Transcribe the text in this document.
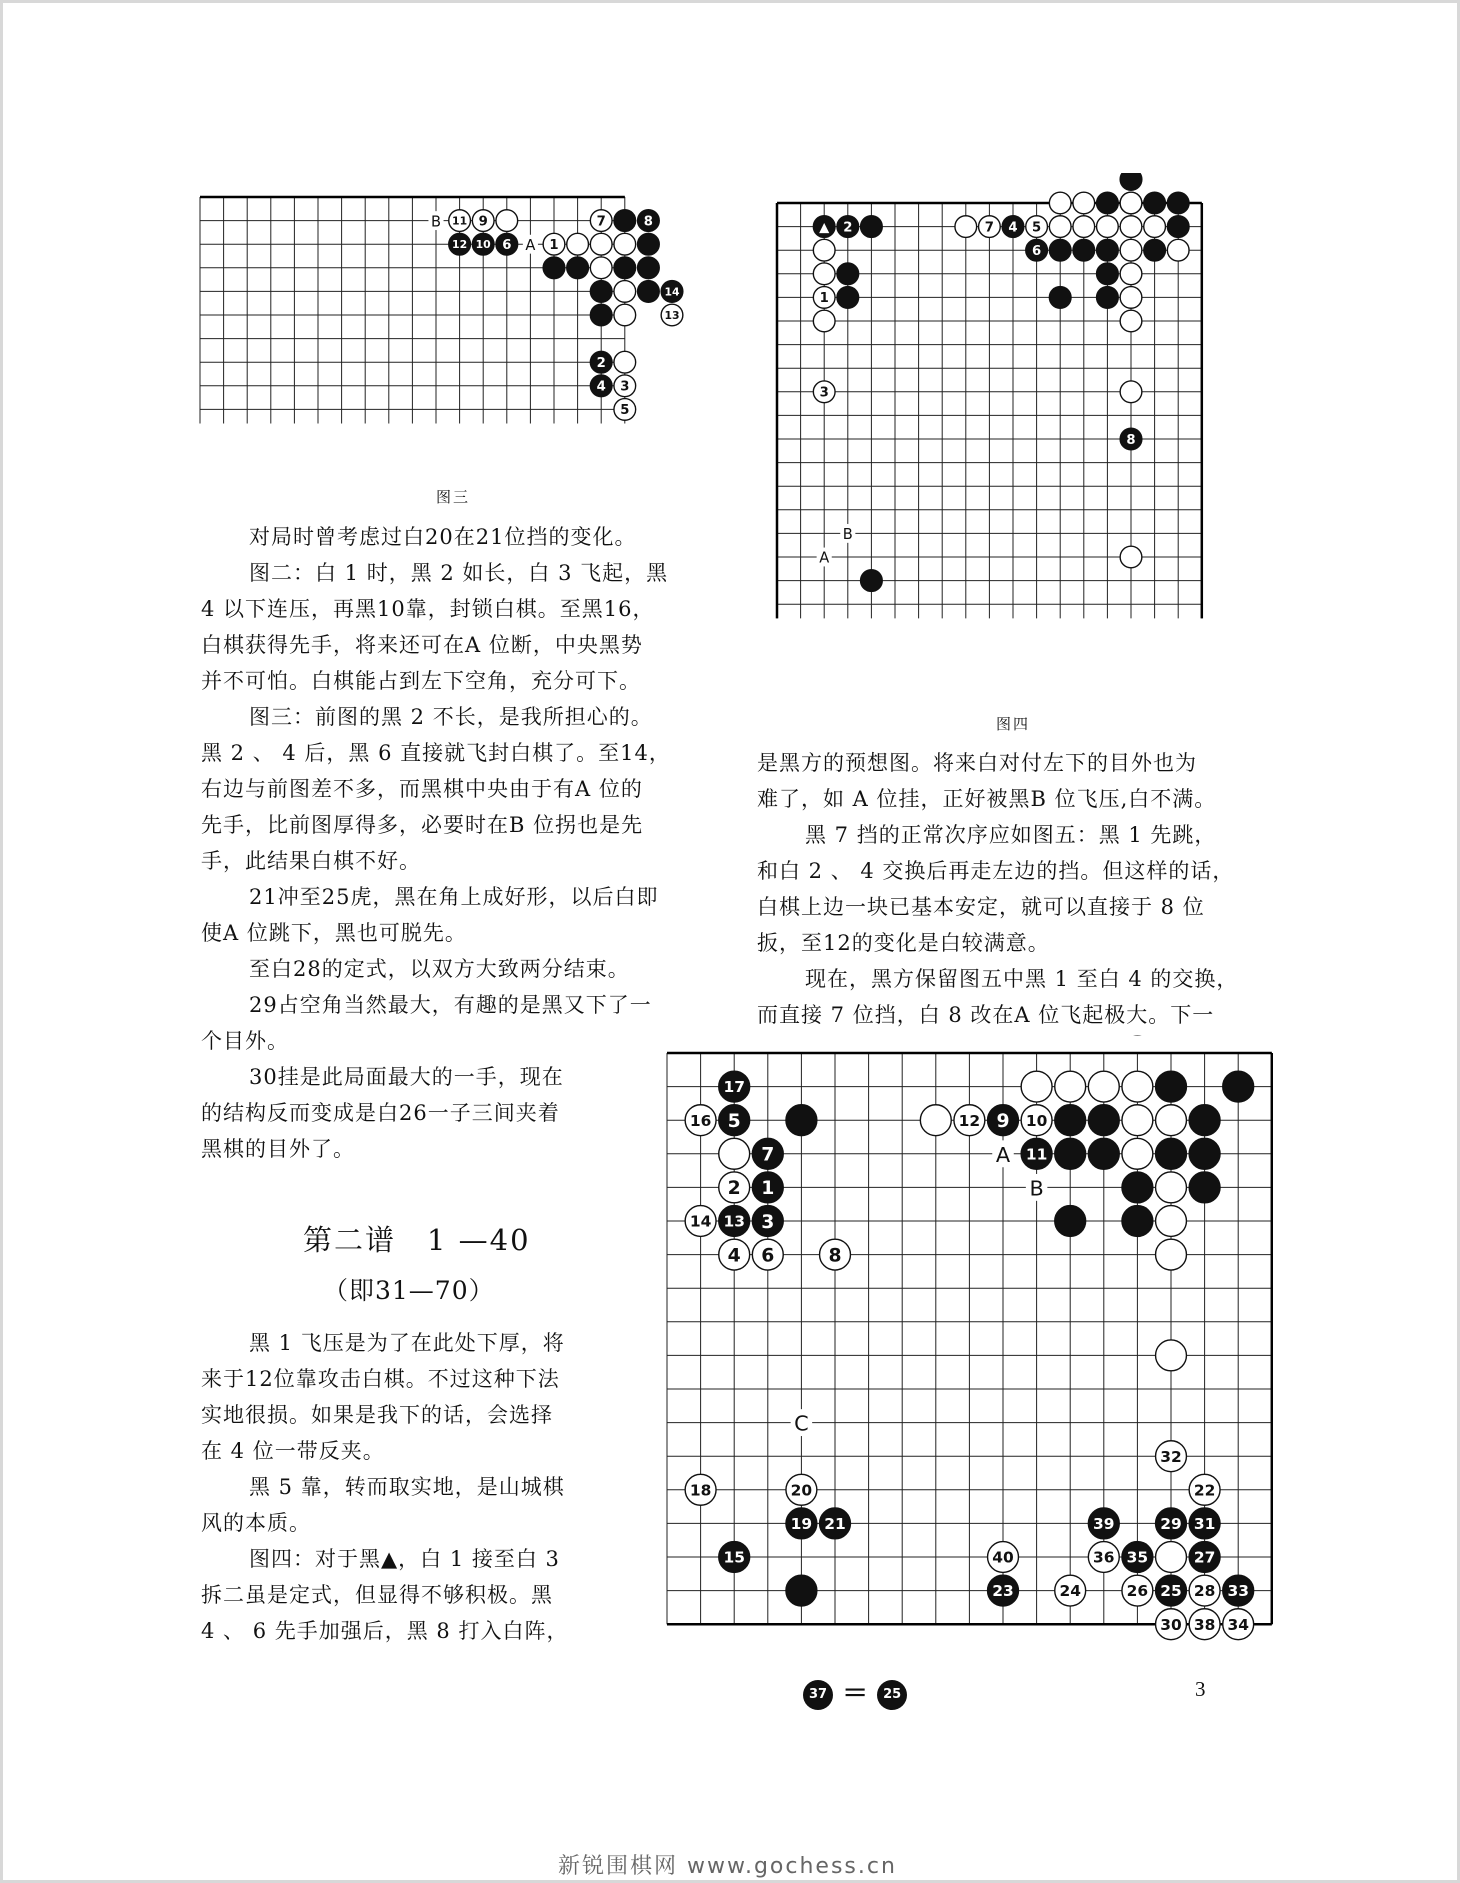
B
A
11 9	7	8
12 10 6	1
14
13
2
4 3
5
图三
B
A
▲ 2	7 4 5
6
1
3
8
图四

对局时曾考虑过白20在21位挡的变化。

图二：白 1 时，黑 2 如长，白 3 飞起，黑

4 以下连压，再黑10靠，封锁白棋。至黑16，

白棋获得先手，将来还可在A 位断，中央黑势

并不可怕。白棋能占到左下空角，充分可下。

图三：前图的黑 2 不长，是我所担心的。

黑 2 、 4 后，黑 6 直接就飞封白棋了。至14，

右边与前图差不多，而黑棋中央由于有A 位的

先手，比前图厚得多，必要时在B 位拐也是先

手，此结果白棋不好。

21冲至25虎，黑在角上成好形，以后白即

使A 位跳下，黑也可脱先。

至白28的定式，以双方大致两分结束。

29占空角当然最大，有趣的是黑又下了一

个目外。

30挂是此局面最大的一手，现在

的结构反而变成是白26一子三间夹着

黑棋的目外了。

第二谱　1 —40
（即31—70）

黑 1 飞压是为了在此处下厚，将

来于12位靠攻击白棋。不过这种下法

实地很损。如果是我下的话，会选择

在 4 位一带反夹。

黑 5 靠，转而取实地，是山城棋

风的本质。

图四：对于黑▲，白 1 接至白 3

拆二虽是定式，但显得不够积极。黑

4 、 6 先手加强后，黑 8 打入白阵，

是黑方的预想图。将来白对付左下的目外也为

难了，如 A 位挂，正好被黑B 位飞压,白不满。

黑 7 挡的正常次序应如图五：黑 1 先跳，

和白 2 、 4 交换后再走左边的挡。但这样的话，

白棋上边一块已基本安定，就可以直接于 8 位

扳，至12的变化是白较满意。

现在，黑方保留图五中黑 1 至白 4 的交换，

而直接 7 位挡，白 8 改在A 位飞起极大。下一

A
B
C
17
16 5	12 9 10
7	11
2 1
14 13 3
4 6	8
32
18	20	22
19 21	39	29 31
15	40	36 35	27
23	24	26 25 28 33
30 38 34
37 ＝ 25	3
新锐围棋网 www.gochess.cn
